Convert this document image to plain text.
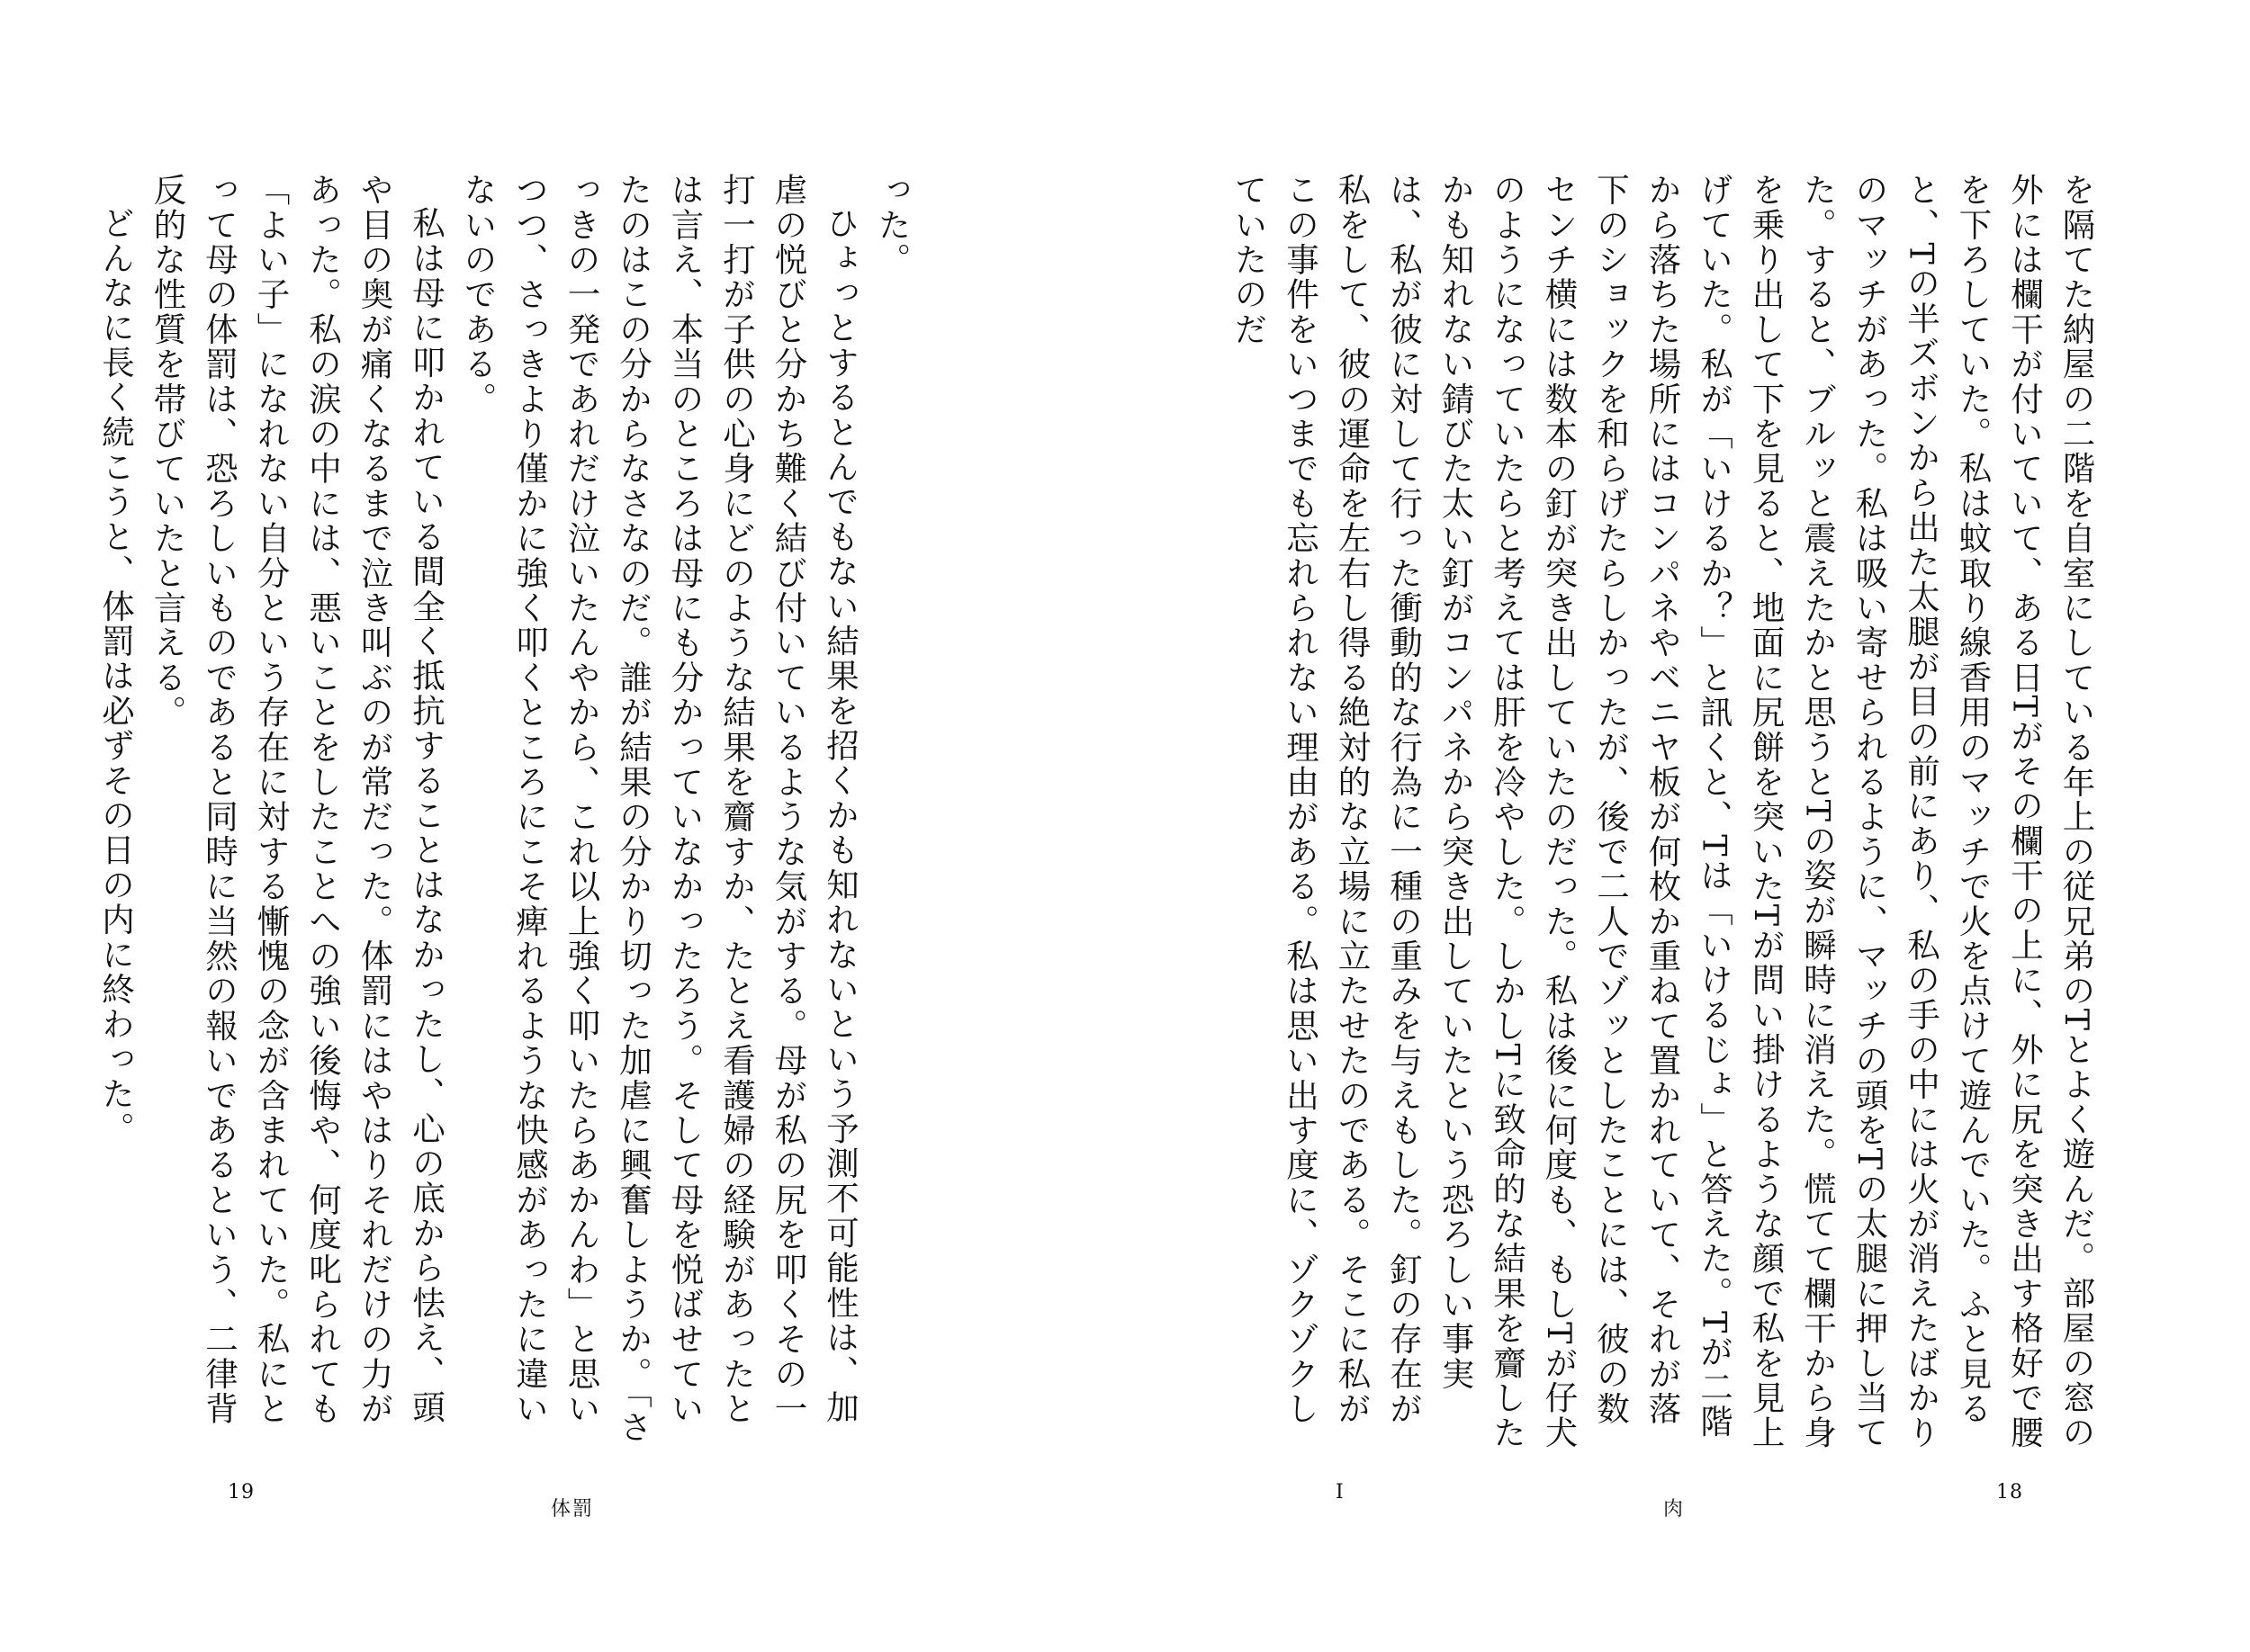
った。

ひょっとするとんでもない結果を招くかも知れないという予測不可能性は、加虐の悦びと分かち難く結び付いているような気がする。母が私の尻を叩くその一打一打が子供の心身にどのような結果を齎すか、たとえ看護婦の経験があったとは言え、本当のところは母にも分かっていなかったろう。そして母を悦ばせていたのはこの分からなさなのだ。誰が結果の分かり切った加虐に興奮しようか。「さっきの一発であれだけ泣いたんやから、これ以上強く叩いたらあかんわ」と思いつつ、さっきより僅かに強く叩くところにこそ痺れるような快感があったに違いないのである。

私は母に叩かれている間全く抵抗することはなかったし、心の底から怯え、頭や目の奥が痛くなるまで泣き叫ぶのが常だった。体罰にはやはりそれだけの力があった。私の涙の中には、悪いことをしたことへの強い後悔や、何度叱られても「よい子」になれない自分という存在に対する慚愧の念が含まれていた。私にとって母の体罰は、恐ろしいものであると同時に当然の報いであるという、二律背反的な性質を帯びていたと言える。

どんなに長く続こうと、体罰は必ずその日の内に終わった。

19
体罰

を隔てた納屋の二階を自室にしている年上の従兄弟のTとよく遊んだ。部屋の窓の外には欄干が付いていて、ある日Tがその欄干の上に、外に尻を突き出す格好で腰を下ろしていた。私は蚊取り線香用のマッチで火を点けて遊んでいた。ふと見ると、Tの半ズボンから出た太腿が目の前にあり、私の手の中には火が消えたばかりのマッチがあった。私は吸い寄せられるように、マッチの頭をTの太腿に押し当てた。すると、ブルッと震えたかと思うとTの姿が瞬時に消えた。慌てて欄干から身を乗り出して下を見ると、地面に尻餅を突いたTが問い掛けるような顔で私を見上げていた。私が「いけるか？」と訊くと、Tは「いけるじょ」と答えた。Tが二階から落ちた場所にはコンパネやベニヤ板が何枚か重ねて置かれていて、それが落下のショックを和らげたらしかったが、後で二人でゾッとしたことには、彼の数センチ横には数本の釘が突き出していたのだった。私は後に何度も、もしTが仔犬のようになっていたらと考えては肝を冷やした。しかしTに致命的な結果を齎したかも知れない錆びた太い釘がコンパネから突き出していたという恐ろしい事実は、私が彼に対して行った衝動的な行為に一種の重みを与えもした。釘の存在が私をして、彼の運命を左右し得る絶対的な立場に立たせたのである。そこに私がこの事件をいつまでも忘れられない理由がある。私は思い出す度に、ゾクゾクしていたのだ

I
肉
18
